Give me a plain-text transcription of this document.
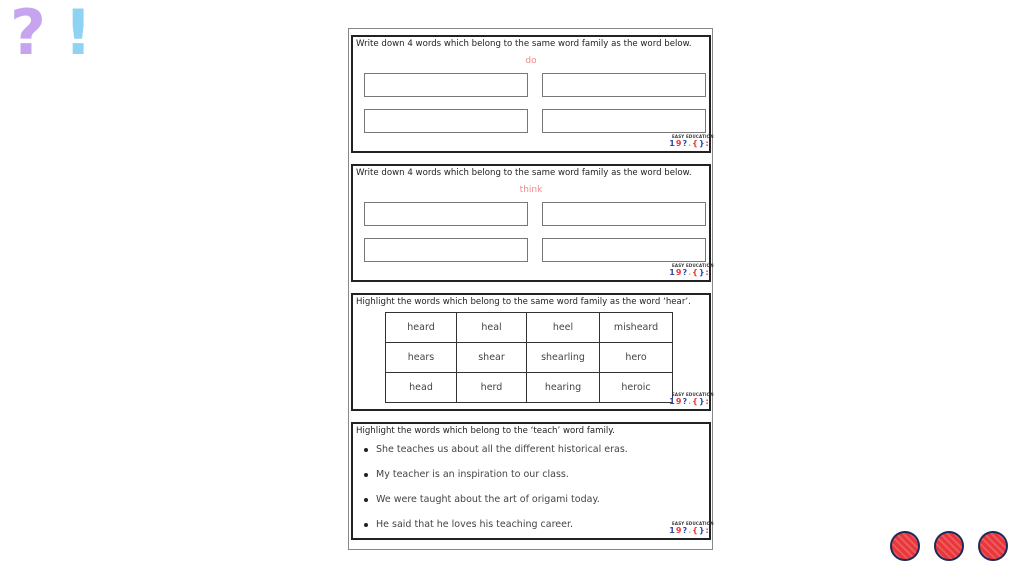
? !	Write down 4 words which belong to the same word family as the word below.
do
EASY EDUCATION
1 9 ? . { } :
Write down 4 words which belong to the same word family as the word below.
think
EASY EDUCATION
1 9 ? . { } :
Highlight the words which belong to the same word family as the word ‘hear’.
heard	heal	heel	misheard
hears	shear	shearling	hero
head	herd	hearing	heroic
EASY EDUCATION
1 9 ? . { } :
Highlight the words which belong to the ‘teach’ word family.
She teaches us about all the different historical eras.
My teacher is an inspiration to our class.
We were taught about the art of origami today.
He said that he loves his teaching career.	EASY EDUCATION
1 9 ? . { } :
